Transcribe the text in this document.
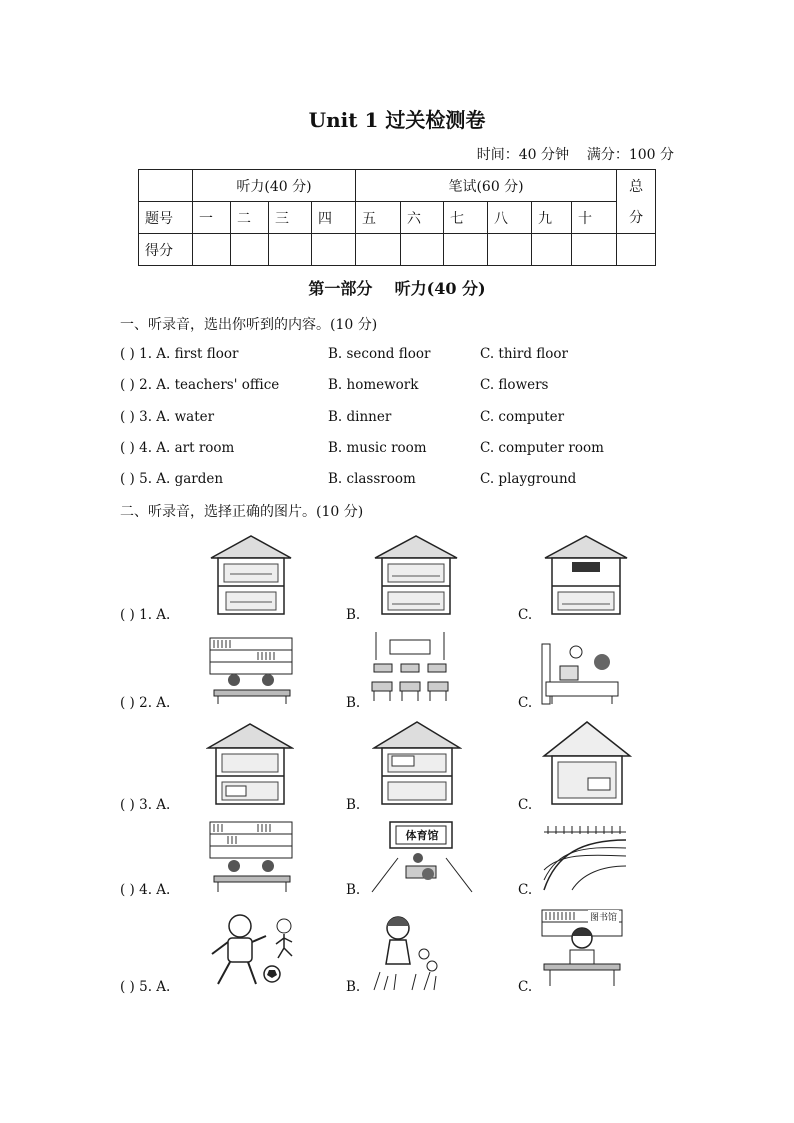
Unit 1 过关检测卷
时间：40 分钟    满分：100 分
	听力(40 分)				笔试(60 分)						总
题号	一	二	三	四	五	六	七	八	九	十	分
得分											
第一部分    听力(40 分)
一、听录音，选出你听到的内容。(10 分)
( ) 1. A. first floor	B. second floor	C. third floor
( ) 2. A. teachers' office	B. homework	C. flowers
( ) 3. A. water	B. dinner	C. computer
( ) 4. A. art room	B. music room	C. computer room
( ) 5. A. garden	B. classroom	C. playground
二、听录音，选择正确的图片。(10 分)
( ) 1. A.	B.	C.
( ) 2. A.	B.	C.
( ) 3. A.	B.	C.
( ) 4. A.	B.	C.
( ) 5. A.	B.	C.
体育馆
图书馆
